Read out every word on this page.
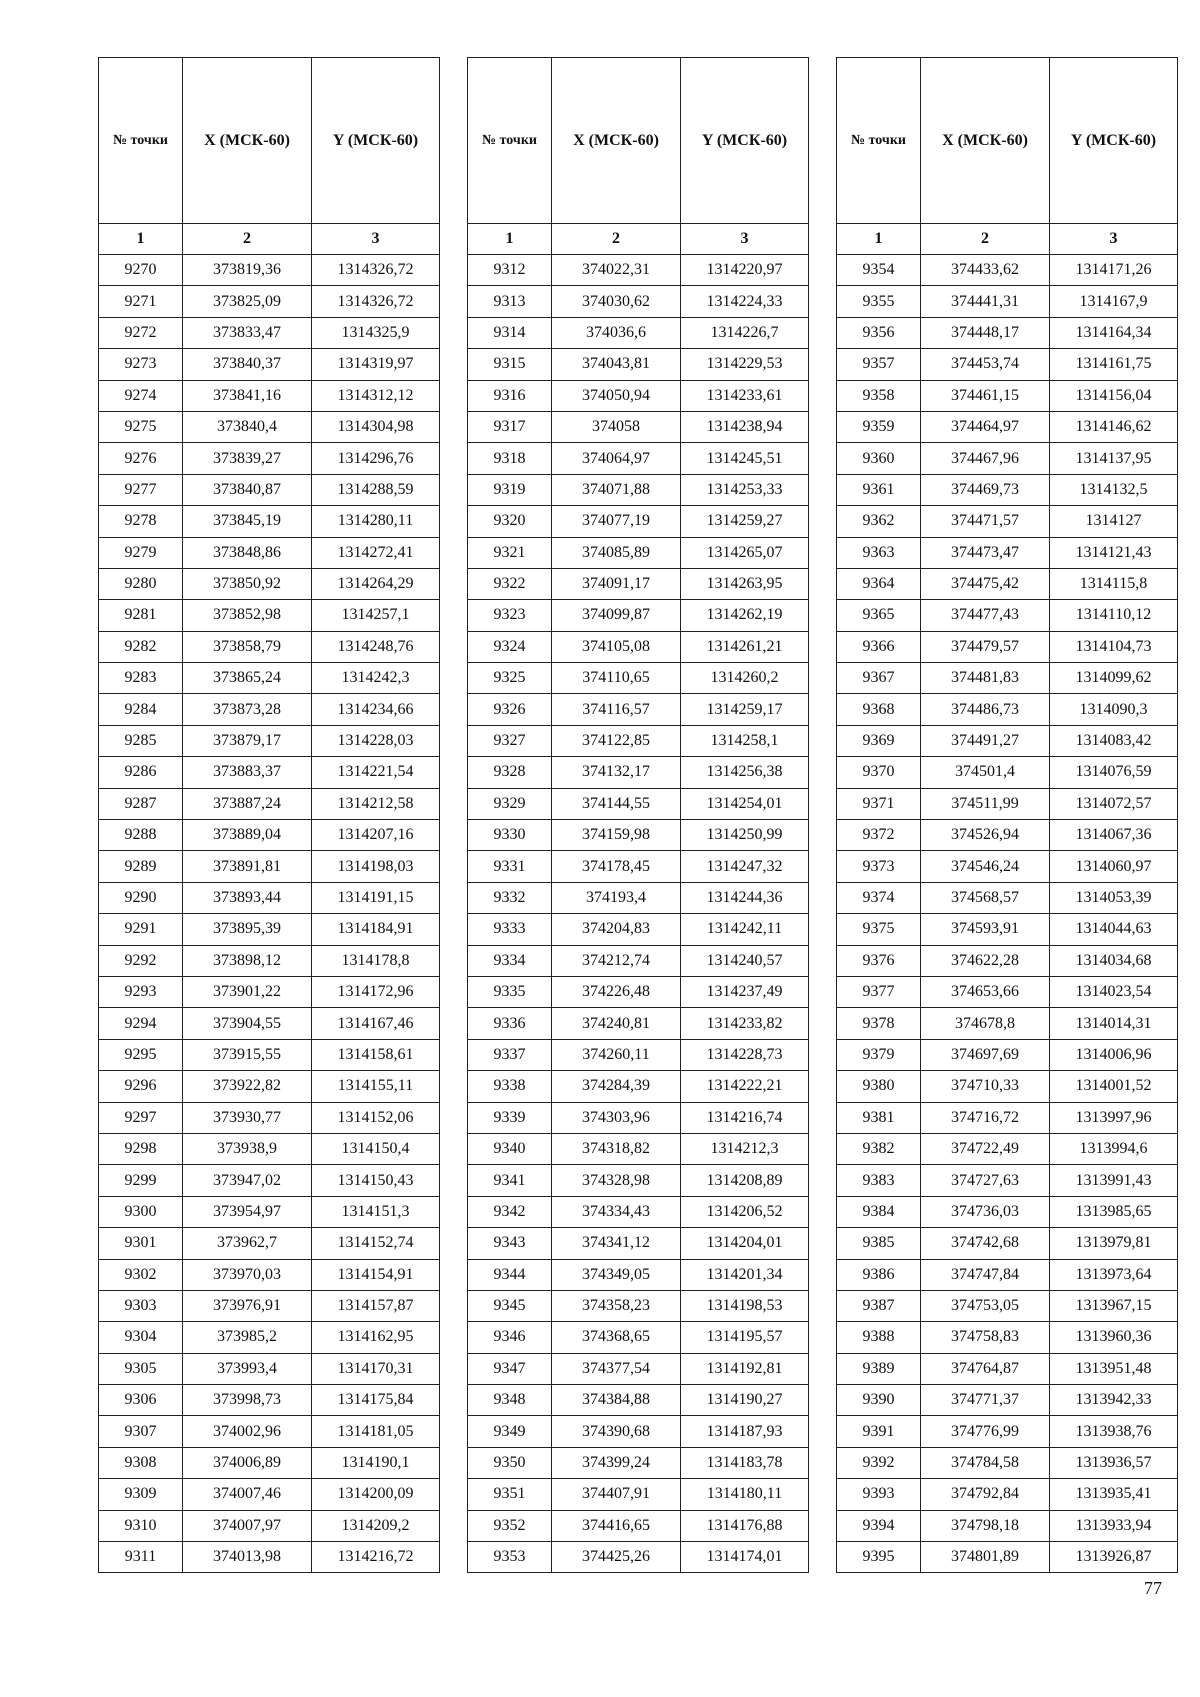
№ точки	X (МСК-60)	Y (МСК-60)
1	2	3
9270	373819,36	1314326,72
9271	373825,09	1314326,72
9272	373833,47	1314325,9
9273	373840,37	1314319,97
9274	373841,16	1314312,12
9275	373840,4	1314304,98
9276	373839,27	1314296,76
9277	373840,87	1314288,59
9278	373845,19	1314280,11
9279	373848,86	1314272,41
9280	373850,92	1314264,29
9281	373852,98	1314257,1
9282	373858,79	1314248,76
9283	373865,24	1314242,3
9284	373873,28	1314234,66
9285	373879,17	1314228,03
9286	373883,37	1314221,54
9287	373887,24	1314212,58
9288	373889,04	1314207,16
9289	373891,81	1314198,03
9290	373893,44	1314191,15
9291	373895,39	1314184,91
9292	373898,12	1314178,8
9293	373901,22	1314172,96
9294	373904,55	1314167,46
9295	373915,55	1314158,61
9296	373922,82	1314155,11
9297	373930,77	1314152,06
9298	373938,9	1314150,4
9299	373947,02	1314150,43
9300	373954,97	1314151,3
9301	373962,7	1314152,74
9302	373970,03	1314154,91
9303	373976,91	1314157,87
9304	373985,2	1314162,95
9305	373993,4	1314170,31
9306	373998,73	1314175,84
9307	374002,96	1314181,05
9308	374006,89	1314190,1
9309	374007,46	1314200,09
9310	374007,97	1314209,2
9311	374013,98	1314216,72
№ точки	X (МСК-60)	Y (МСК-60)
1	2	3
9312	374022,31	1314220,97
9313	374030,62	1314224,33
9314	374036,6	1314226,7
9315	374043,81	1314229,53
9316	374050,94	1314233,61
9317	374058	1314238,94
9318	374064,97	1314245,51
9319	374071,88	1314253,33
9320	374077,19	1314259,27
9321	374085,89	1314265,07
9322	374091,17	1314263,95
9323	374099,87	1314262,19
9324	374105,08	1314261,21
9325	374110,65	1314260,2
9326	374116,57	1314259,17
9327	374122,85	1314258,1
9328	374132,17	1314256,38
9329	374144,55	1314254,01
9330	374159,98	1314250,99
9331	374178,45	1314247,32
9332	374193,4	1314244,36
9333	374204,83	1314242,11
9334	374212,74	1314240,57
9335	374226,48	1314237,49
9336	374240,81	1314233,82
9337	374260,11	1314228,73
9338	374284,39	1314222,21
9339	374303,96	1314216,74
9340	374318,82	1314212,3
9341	374328,98	1314208,89
9342	374334,43	1314206,52
9343	374341,12	1314204,01
9344	374349,05	1314201,34
9345	374358,23	1314198,53
9346	374368,65	1314195,57
9347	374377,54	1314192,81
9348	374384,88	1314190,27
9349	374390,68	1314187,93
9350	374399,24	1314183,78
9351	374407,91	1314180,11
9352	374416,65	1314176,88
9353	374425,26	1314174,01
№ точки	X (МСК-60)	Y (МСК-60)
1	2	3
9354	374433,62	1314171,26
9355	374441,31	1314167,9
9356	374448,17	1314164,34
9357	374453,74	1314161,75
9358	374461,15	1314156,04
9359	374464,97	1314146,62
9360	374467,96	1314137,95
9361	374469,73	1314132,5
9362	374471,57	1314127
9363	374473,47	1314121,43
9364	374475,42	1314115,8
9365	374477,43	1314110,12
9366	374479,57	1314104,73
9367	374481,83	1314099,62
9368	374486,73	1314090,3
9369	374491,27	1314083,42
9370	374501,4	1314076,59
9371	374511,99	1314072,57
9372	374526,94	1314067,36
9373	374546,24	1314060,97
9374	374568,57	1314053,39
9375	374593,91	1314044,63
9376	374622,28	1314034,68
9377	374653,66	1314023,54
9378	374678,8	1314014,31
9379	374697,69	1314006,96
9380	374710,33	1314001,52
9381	374716,72	1313997,96
9382	374722,49	1313994,6
9383	374727,63	1313991,43
9384	374736,03	1313985,65
9385	374742,68	1313979,81
9386	374747,84	1313973,64
9387	374753,05	1313967,15
9388	374758,83	1313960,36
9389	374764,87	1313951,48
9390	374771,37	1313942,33
9391	374776,99	1313938,76
9392	374784,58	1313936,57
9393	374792,84	1313935,41
9394	374798,18	1313933,94
9395	374801,89	1313926,87
77
